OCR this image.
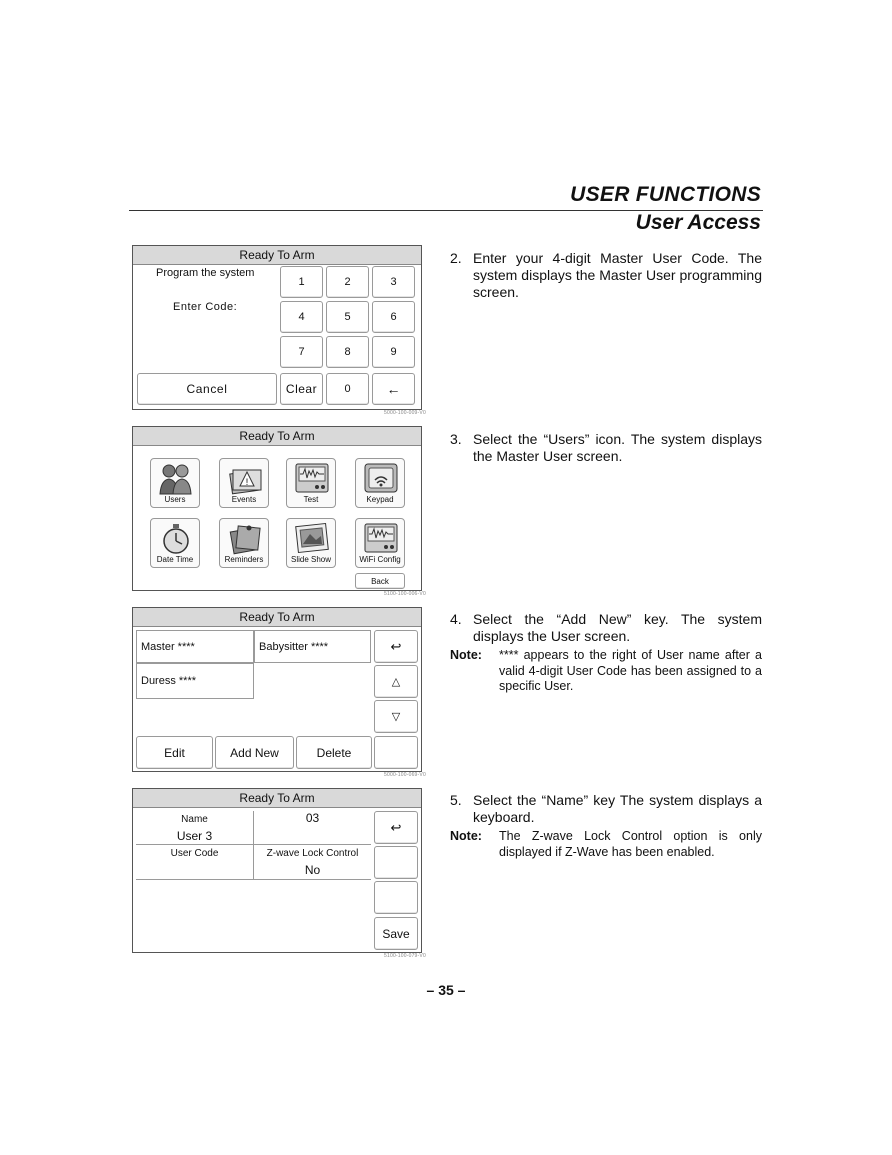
USER FUNCTIONS
User Access
Ready To Arm
Program the system
Enter Code:
1	2	3
4	5	6
7	8	9
Cancel	Clear	0	←
5000-100-009-V0
Ready To Arm
Users
!
Events	Test	Keypad
Date Time	Reminders	Slide Show	WiFi Config
Back
5100-100-006-V0
Ready To Arm
Master ****	Babysitter ****
Duress ****
↩
△
▽
Edit	Add New	Delete
5000-100-069-V0
Ready To Arm
Name
User 3
03
User Code	Z-wave Lock Control
No
↩
Save
5100-100-079-V0
2. Enter your 4-digit Master User Code. The system displays the Master User programming screen.
3. Select the “Users” icon. The system displays the Master User screen.
4. Select the “Add New” key. The system displays the User screen.
Note: **** appears to the right of User name after a valid 4-digit User Code has been assigned to a specific User.
5. Select the “Name” key The system displays a keyboard.
Note: The Z-wave Lock Control option is only displayed if Z-Wave has been enabled.
– 35 –
